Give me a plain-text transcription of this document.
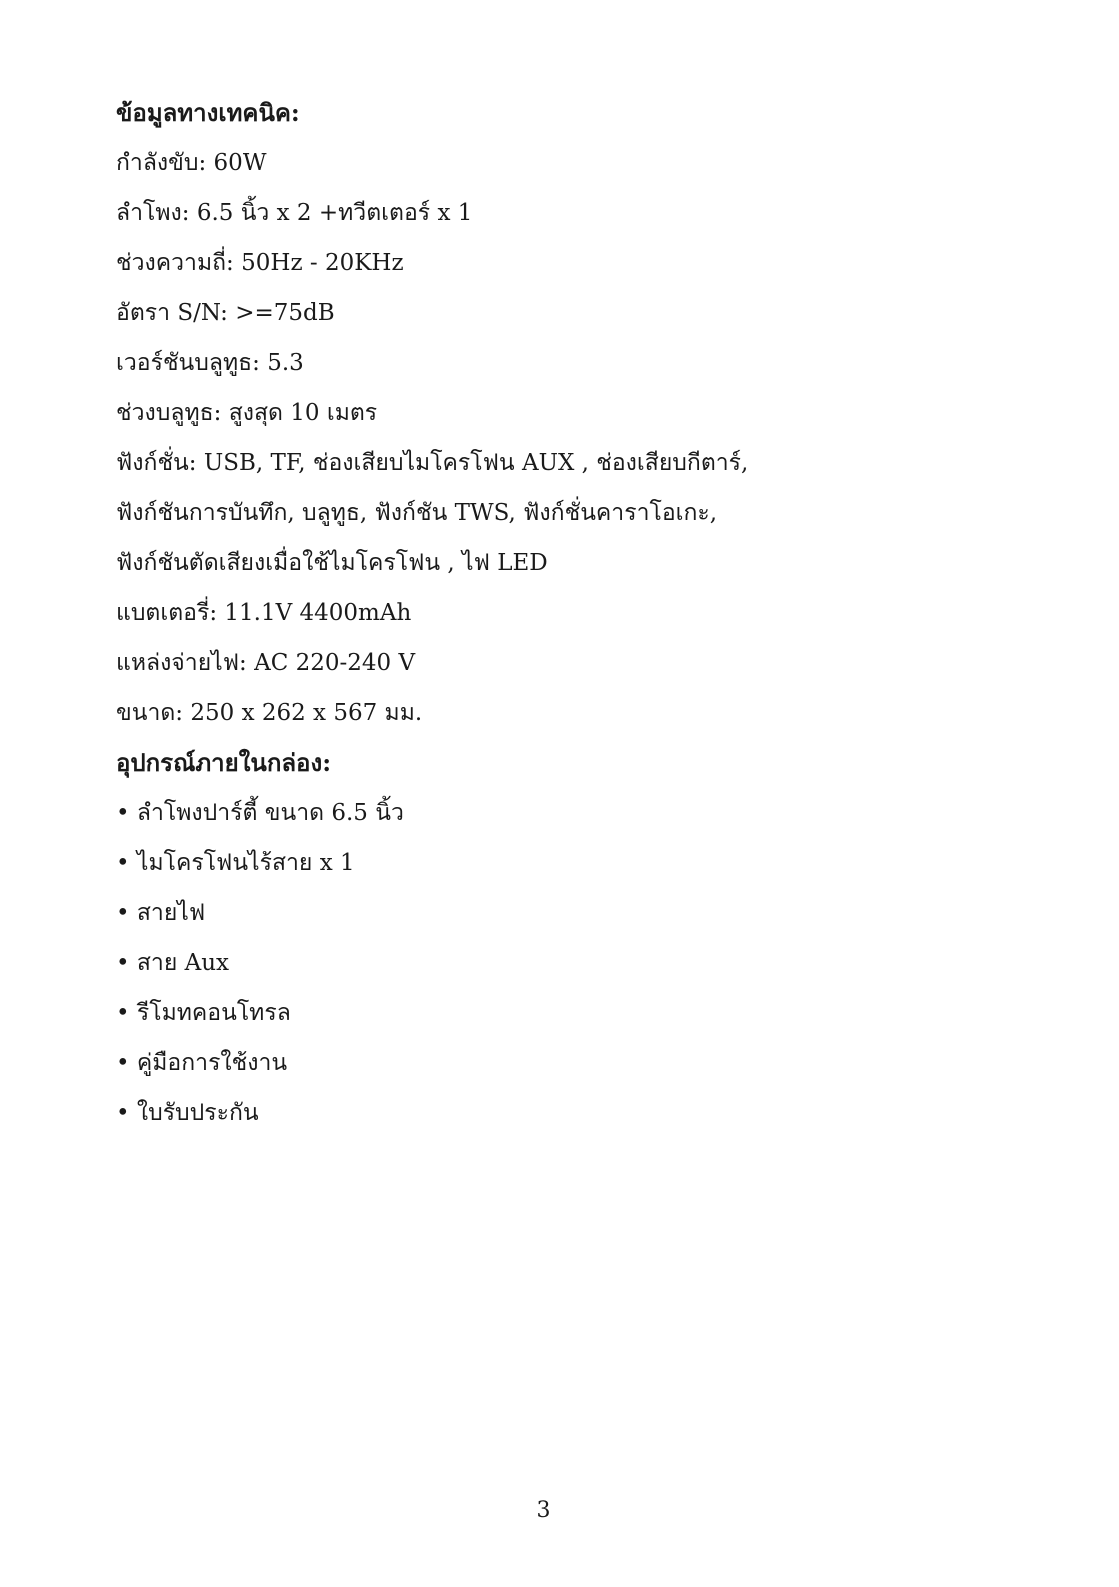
ข้อมูลทางเทคนิค:
กำลังขับ: 60W
ลำโพง: 6.5 นิ้ว x 2 +ทวีตเตอร์ x 1
ช่วงความถี่: 50Hz - 20KHz
อัตรา S/N: >=75dB
เวอร์ชันบลูทูธ: 5.3
ช่วงบลูทูธ: สูงสุด 10 เมตร
ฟังก์ชั่น: USB, TF, ช่องเสียบไมโครโฟน AUX , ช่องเสียบกีตาร์,
ฟังก์ชันการบันทึก, บลูทูธ, ฟังก์ชัน TWS, ฟังก์ชั่นคาราโอเกะ,
ฟังก์ชันตัดเสียงเมื่อใช้ไมโครโฟน , ไฟ LED
แบตเตอรี่: 11.1V 4400mAh
แหล่งจ่ายไฟ: AC 220-240 V
ขนาด: 250 x 262 x 567 มม.
อุปกรณ์ภายในกล่อง:
• ลำโพงปาร์ตี้ ขนาด 6.5 นิ้ว
• ไมโครโฟนไร้สาย x 1
• สายไฟ
• สาย Aux
• รีโมทคอนโทรล
• คู่มือการใช้งาน
• ใบรับประกัน
3
